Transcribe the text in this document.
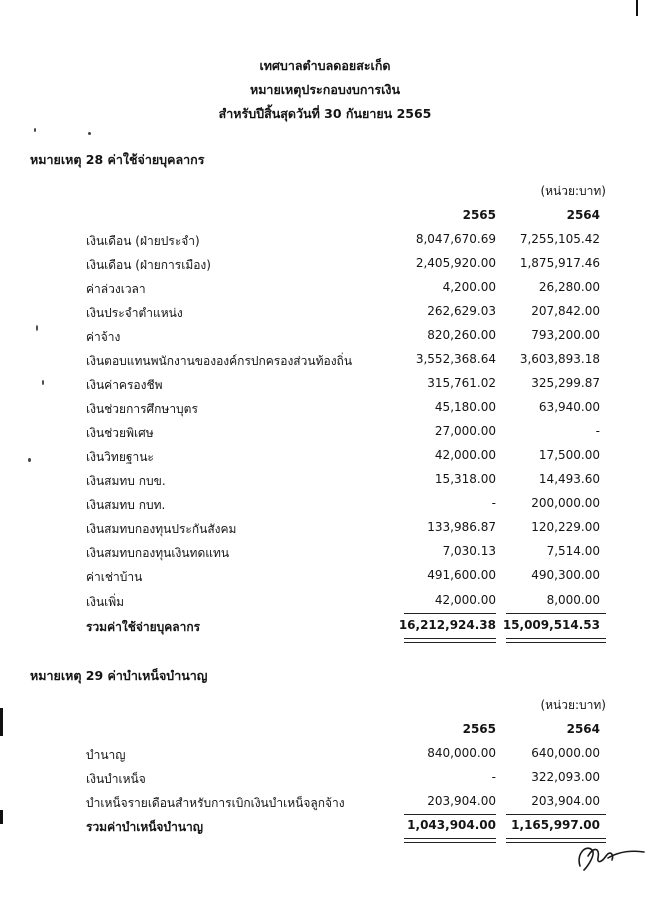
เทศบาลตำบลดอยสะเก็ด
หมายเหตุประกอบงบการเงิน
สำหรับปีสิ้นสุดวันที่ 30 กันยายน 2565
หมายเหตุ 28 ค่าใช้จ่ายบุคลากร
(หน่วย:บาท)
2565	2564
เงินเดือน (ฝ่ายประจำ)	8,047,670.69 7,255,105.42
เงินเดือน (ฝ่ายการเมือง)	2,405,920.00 1,875,917.46
ค่าล่วงเวลา	4,200.00	26,280.00
เงินประจำตำแหน่ง	262,629.03	207,842.00
ค่าจ้าง	820,260.00	793,200.00
เงินตอบแทนพนักงานขององค์กรปกครองส่วนท้องถิ่น	3,552,368.64 3,603,893.18
เงินค่าครองชีพ	315,761.02	325,299.87
เงินช่วยการศึกษาบุตร	45,180.00	63,940.00
เงินช่วยพิเศษ	27,000.00	-
เงินวิทยฐานะ	42,000.00	17,500.00
เงินสมทบ กบข.	15,318.00	14,493.60
เงินสมทบ กบท.	-	200,000.00
เงินสมทบกองทุนประกันสังคม	133,986.87	120,229.00
เงินสมทบกองทุนเงินทดแทน	7,030.13	7,514.00
ค่าเช่าบ้าน	491,600.00	490,300.00
เงินเพิ่ม	42,000.00	8,000.00
รวมค่าใช้จ่ายบุคลากร	16,212,924.38 15,009,514.53
หมายเหตุ 29 ค่าบำเหน็จบำนาญ
(หน่วย:บาท)
2565	2564
บำนาญ	840,000.00	640,000.00
เงินบำเหน็จ	-	322,093.00
บำเหน็จรายเดือนสำหรับการเบิกเงินบำเหน็จลูกจ้าง	203,904.00	203,904.00
รวมค่าบำเหน็จบำนาญ	1,043,904.00 1,165,997.00
